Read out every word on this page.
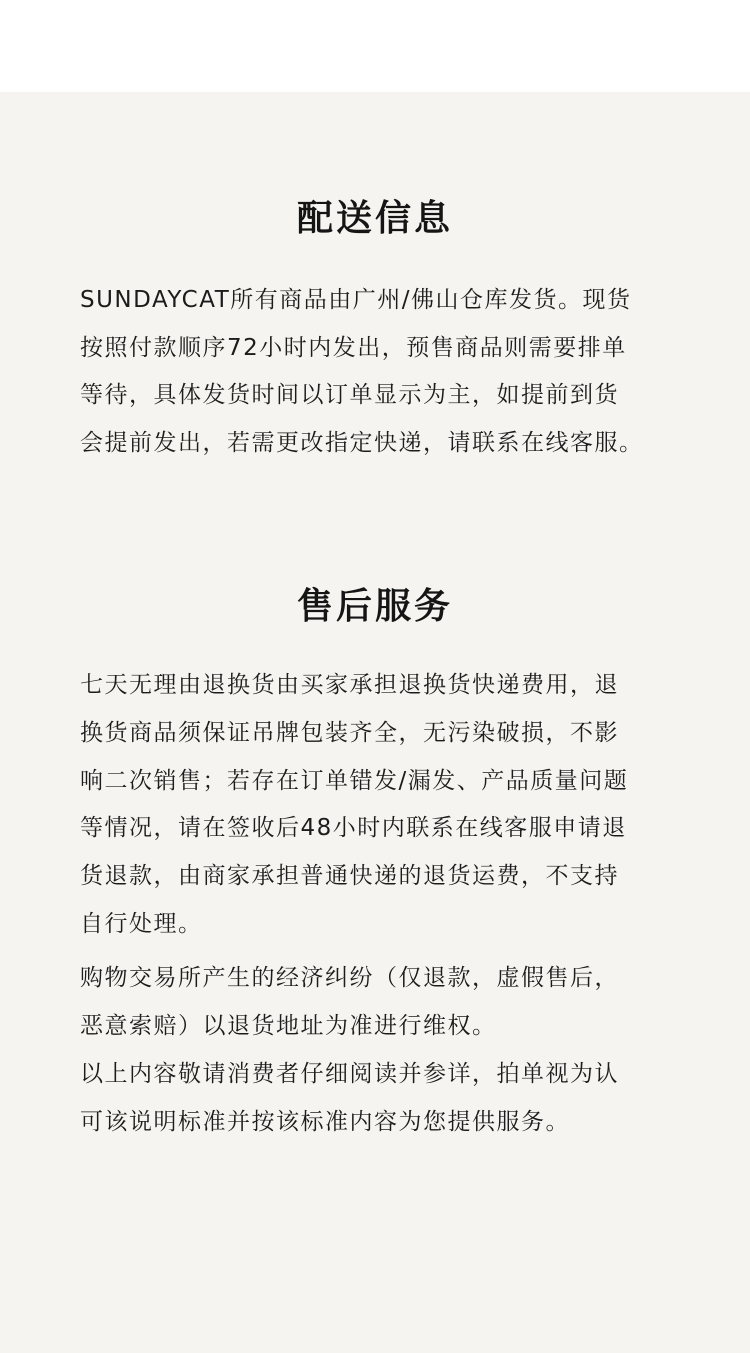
配送信息
SUNDAYCAT所有商品由广州/佛山仓库发货。现货
按照付款顺序72小时内发出，预售商品则需要排单
等待，具体发货时间以订单显示为主，如提前到货
会提前发出，若需更改指定快递，请联系在线客服。
售后服务
七天无理由退换货由买家承担退换货快递费用，退
换货商品须保证吊牌包装齐全，无污染破损，不影
响二次销售；若存在订单错发/漏发、产品质量问题
等情况，请在签收后48小时内联系在线客服申请退
货退款，由商家承担普通快递的退货运费，不支持
自行处理。
购物交易所产生的经济纠纷（仅退款，虚假售后，
恶意索赔）以退货地址为准进行维权。
以上内容敬请消费者仔细阅读并参详，拍单视为认
可该说明标准并按该标准内容为您提供服务。
